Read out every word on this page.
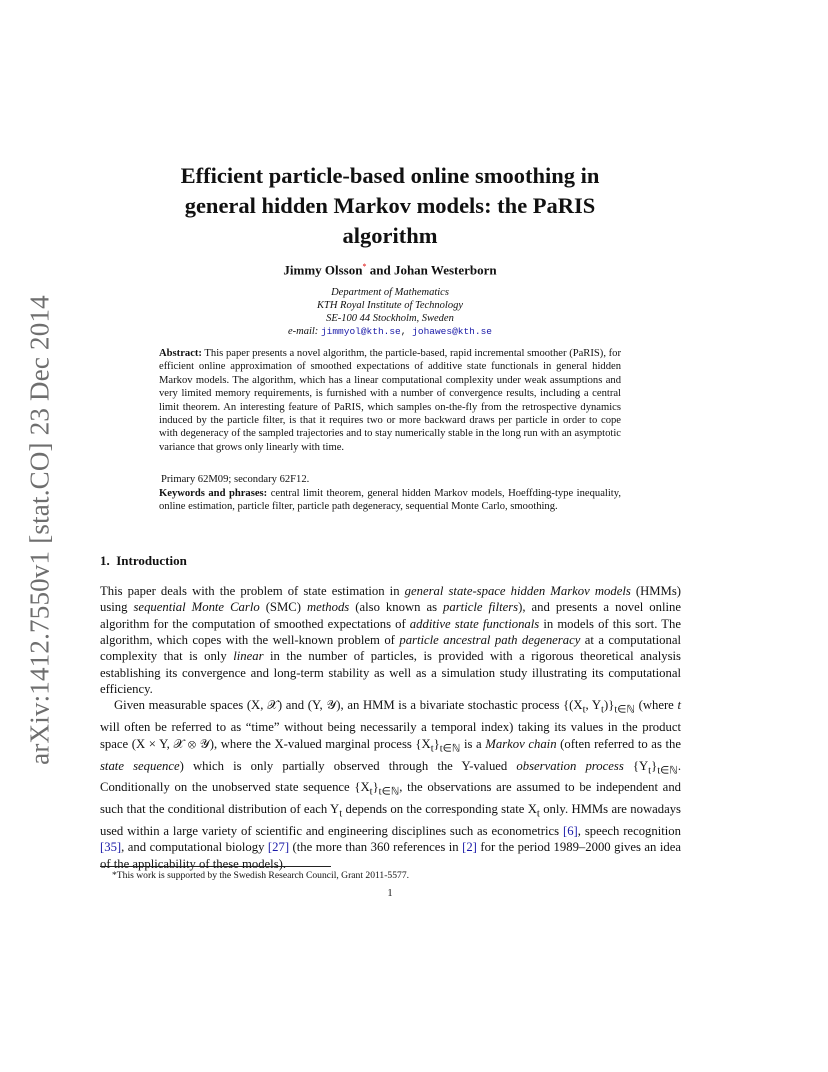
arXiv:1412.7550v1 [stat.CO] 23 Dec 2014
Efficient particle-based online smoothing in
general hidden Markov models: the PaRIS
algorithm
Jimmy Olsson* and Johan Westerborn
Department of Mathematics
KTH Royal Institute of Technology
SE-100 44 Stockholm, Sweden
e-mail: jimmyol@kth.se, johawes@kth.se
Abstract: This paper presents a novel algorithm, the particle-based, rapid incremental smoother (PaRIS), for efficient online approximation of smoothed expectations of additive state functionals in general hidden Markov models. The algorithm, which has a linear computational complexity under weak assumptions and very limited memory requirements, is furnished with a number of convergence results, including a central limit theorem. An interesting feature of PaRIS, which samples on-the-fly from the retrospective dynamics induced by the particle filter, is that it requires two or more backward draws per particle in order to cope with degeneracy of the sampled trajectories and to stay numerically stable in the long run with an asymptotic variance that grows only linearly with time.
Primary 62M09; secondary 62F12.
Keywords and phrases: central limit theorem, general hidden Markov models, Hoeffding-type inequality, online estimation, particle filter, particle path degeneracy, sequential Monte Carlo, smoothing.
1. Introduction

This paper deals with the problem of state estimation in general state-space hidden Markov models (HMMs) using sequential Monte Carlo (SMC) methods (also known as particle filters), and presents a novel online algorithm for the computation of smoothed expectations of additive state functionals in models of this sort. The algorithm, which copes with the well-known problem of particle ancestral path degeneracy at a computational complexity that is only linear in the number of particles, is provided with a rigorous theoretical analysis establishing its convergence and long-term stability as well as a simulation study illustrating its computational efficiency.

Given measurable spaces (X, 𝒳) and (Y, 𝒴), an HMM is a bivariate stochastic process {($X_t$, $Y_t)\}_{t\in ℕ}$ (where t will often be referred to as “time” without being necessarily a temporal index) taking its values in the product space (X × Y, 𝒳 ⊗ 𝒴), where the X-valued marginal process $\{X_t\}_{t\in ℕ}$ is a Markov chain (often referred to as the state sequence) which is only partially observed through the Y-valued observation process $\{Y_t\}_{t\in ℕ}$. Conditionally on the unobserved state sequence $\{X_t\}_{t\in ℕ}$, the observations are assumed to be independent and such that the conditional distribution of each $Y_t$ depends on the corresponding state $X_t$ only. HMMs are nowadays used within a large variety of scientific and engineering disciplines such as econometrics [6], speech recognition [35], and computational biology [27] (the more than 360 references in [2] for the period 1989–2000 gives an idea of the applicability of these models).

*This work is supported by the Swedish Research Council, Grant 2011-5577.
1
